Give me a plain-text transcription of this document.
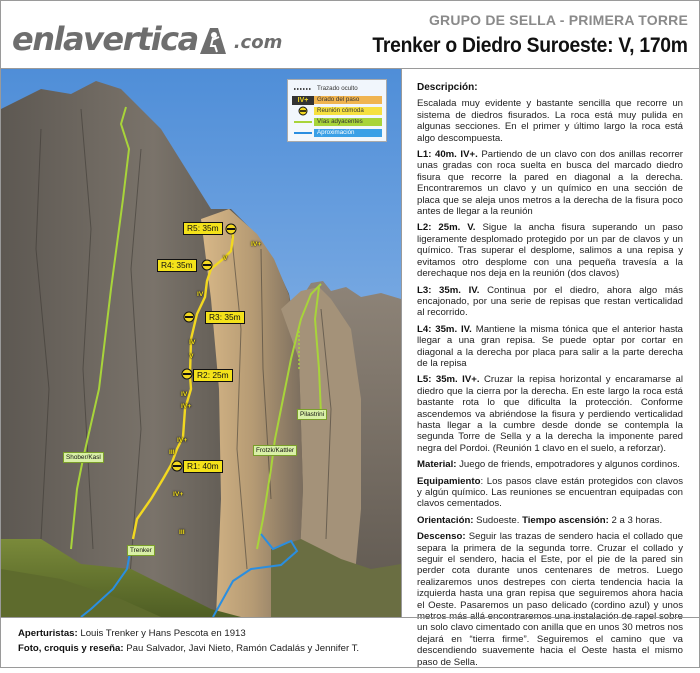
enlavertica .com
GRUPO DE SELLA - PRIMERA TORRE
Trenker o Diedro Suroeste: V, 170m
Trazado oculto
IV+	Grado del paso
Reunión cómoda
Vías adyacentes
Aproximación
R5: 35m
R4: 35m
R3: 35m
R2: 25m
R1: 40m
IV+
V
IV
IV
V
IV
IV+
IV+
III
IV+
III
Shober/Kasl
Trenker
Frotzk/Kattler
Pilastrini

Descripción:

Escalada muy evidente y bastante sencilla que recorre un sistema de diedros fisurados. La roca está muy pulida en algunas secciones. En el primer y último largo la roca está algo descompuesta.

L1: 40m. IV+. Partiendo de un clavo con dos anillas recorrer unas gradas con roca suelta en busca del marcado diedro fisura que recorre la pared en diagonal a la derecha. Encontraremos un clavo y un químico en una sección de placa que se aleja unos metros a la derecha de la fisura poco antes de llegar a la reunión

L2: 25m. V. Sigue la ancha fisura superando un paso ligeramente desplomado protegido por un par de clavos y un químico. Tras superar el desplome, salimos a una repisa y evitamos otro desplome con una pequeña travesía a la derechaque nos deja en la reunión (dos clavos)

L3: 35m. IV. Continua por el diedro, ahora algo más encajonado, por una serie de repisas que restan verticalidad al recorrido.

L4: 35m. IV. Mantiene la misma tónica que el anterior hasta llegar a una gran repisa. Se puede optar por cortar en diagonal a la derecha por placa para salir a la parte derecha de la repisa

L5: 35m. IV+. Cruzar la repisa horizontal y encaramarse al diedro que la cierra por la derecha. En este largo la roca está bastante rota lo que dificulta la protección. Conforme ascendemos va abriéndose la fisura y perdiendo verticalidad hasta llegar a la cumbre desde donde se contempla la segunda Torre de Sella y a la derecha la imponente pared negra del Pordoi. (Reunión 1 clavo en el suelo, a reforzar).

Material: Juego de friends, empotradores y algunos cordinos.

Equipamiento: Los pasos clave están protegidos con clavos y algún químico. Las reuniones se encuentran equipadas con clavos cementados.

Orientación: Sudoeste. Tiempo ascensión: 2 a 3 horas.

Descenso: Seguir las trazas de sendero hacia el collado que separa la primera de la segunda torre. Cruzar el collado y seguir el sendero, hacia el Este, por el pie de la pared sin perder cota durante unos centenares de metros. Luego realizaremos unos destrepes con cierta tendencia hacia la izquierda hasta una gran repisa que seguiremos ahora hacia el Oeste. Pasaremos un paso delicado (cordino azul) y unos un solo clavo cimentado con anilla que en unos 30 metros nos dejará en “tierra firme”. Seguiremos el camino que va descendiendo suavemente hacia el Oeste hasta el mismo paso de Sella.

Aperturistas: Louis Trenker y Hans Pescota en 1913
Foto, croquis y reseña: Pau Salvador, Javi Nieto, Ramón Cadalás y Jennifer T.
